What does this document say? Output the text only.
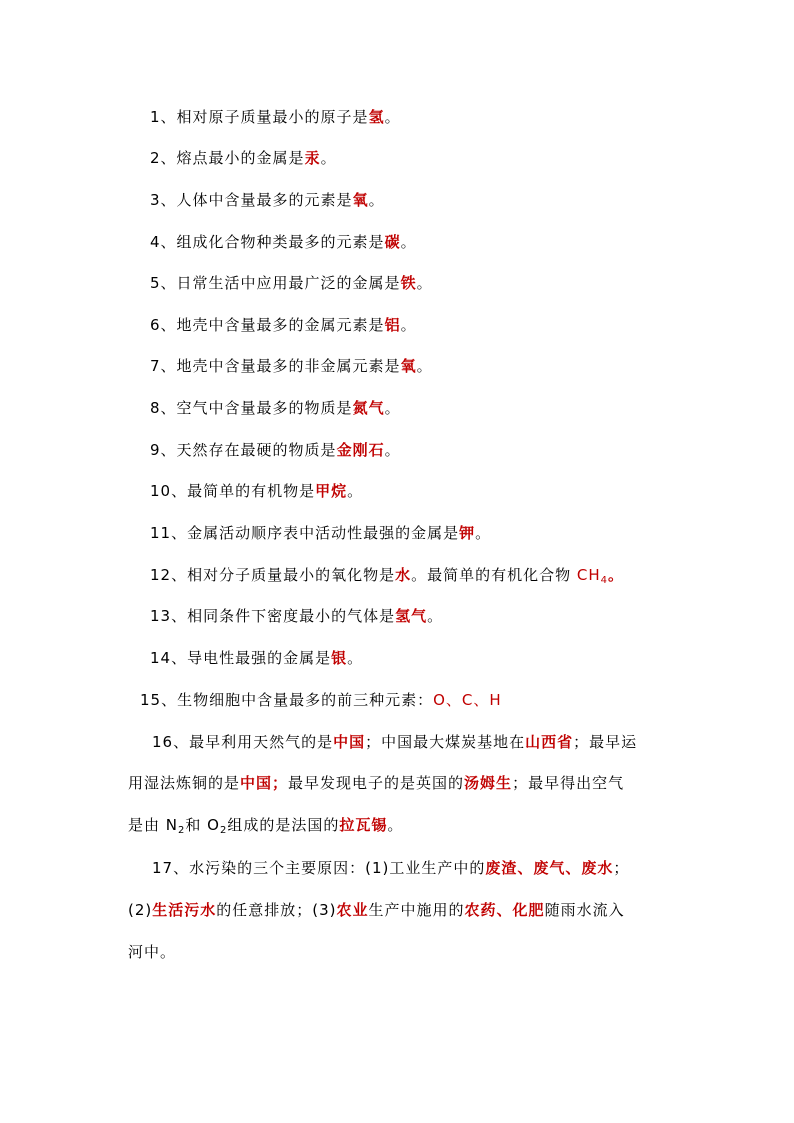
1、相对原子质量最小的原子是氢。
2、熔点最小的金属是汞。
3、人体中含量最多的元素是氧。
4、组成化合物种类最多的元素是碳。
5、日常生活中应用最广泛的金属是铁。
6、地壳中含量最多的金属元素是铝。
7、地壳中含量最多的非金属元素是氧。
8、空气中含量最多的物质是氮气。
9、天然存在最硬的物质是金刚石。
10、最简单的有机物是甲烷。
11、金属活动顺序表中活动性最强的金属是钾。
12、相对分子质量最小的氧化物是水。最简单的有机化合物 $CH_4$。
13、相同条件下密度最小的气体是氢气。
14、导电性最强的金属是银。
15、生物细胞中含量最多的前三种元素：O、C、H
16、最早利用天然气的是中国；中国最大煤炭基地在山西省；最早运
用湿法炼铜的是中国；最早发现电子的是英国的汤姆生；最早得出空气
是由 $N_2$和 $O_2$组成的是法国的拉瓦锡。
17、水污染的三个主要原因：(1)工业生产中的废渣、废气、废水；
(2)生活污水的任意排放；(3)农业生产中施用的农药、化肥随雨水流入
河中。
